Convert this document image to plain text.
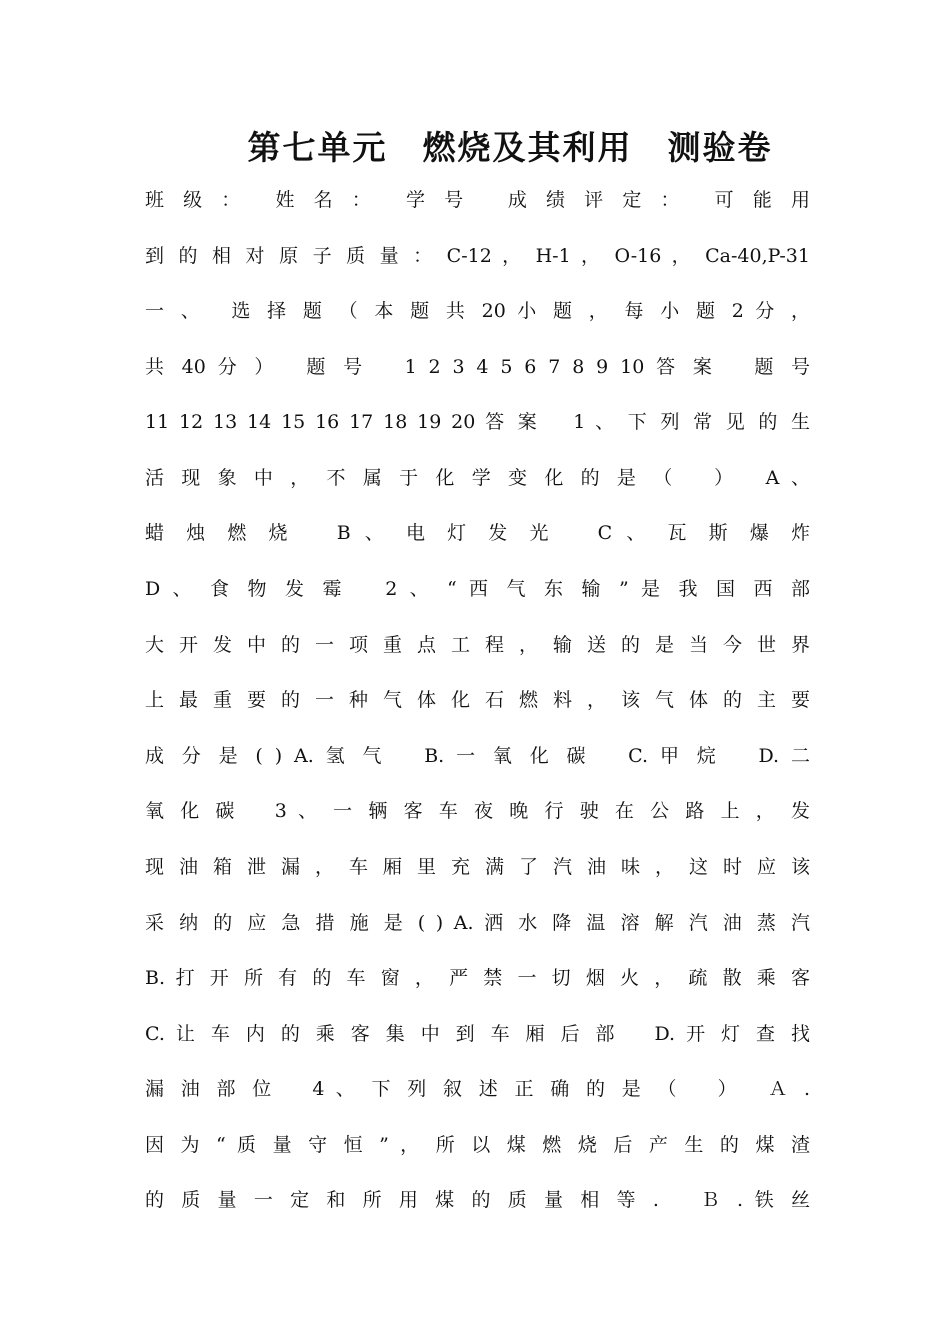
第七单元　燃烧及其利用　测验卷
班 级 ：　 姓 名 ：　 学 号　 成 绩 评 定 ：　 可 能 用
到 的 相 对 原 子 质 量 ： C-12 ， H-1 ， O-16 ， Ca-40,P-31
一 、　 选 择 题 （ 本 题 共 20 小 题 ， 每 小 题 2 分 ，
共 40 分 ）　 题 号　 1 2 3 4 5 6 7 8 9 10 答 案　 题 号
11 12 13 14 15 16 17 18 19 20 答 案　 1 、 下 列 常 见 的 生
活 现 象 中 ， 不 属 于 化 学 变 化 的 是 （　 ）　 A 、
蜡 烛 燃 烧　 B 、 电 灯 发 光　 C 、 瓦 斯 爆 炸 　
D 、 食 物 发 霉　 2 、 “ 西 气 东 输 ” 是 我 国 西 部
大 开 发 中 的 一 项 重 点 工 程 ， 输 送 的 是 当 今 世 界
上 最 重 要 的 一 种 气 体 化 石 燃 料 ， 该 气 体 的 主 要
成 分 是 ( ) A. 氢 气　 B. 一 氧 化 碳　 C. 甲 烷　 D. 二
氧 化 碳　 3 、 一 辆 客 车 夜 晚 行 驶 在 公 路 上 ， 发
现 油 箱 泄 漏 ， 车 厢 里 充 满 了 汽 油 味 ， 这 时 应 该
采 纳 的 应 急 措 施 是 ( ) A. 洒 水 降 温 溶 解 汽 油 蒸 汽
B. 打 开 所 有 的 车 窗 ， 严 禁 一 切 烟 火 ， 疏 散 乘 客
C. 让 车 内 的 乘 客 集 中 到 车 厢 后 部　 D. 开 灯 查 找
漏 油 部 位　 4 、 下 列 叙 述 正 确 的 是 （　 ）　 Ａ .
因 为 “ 质 量 守 恒 ” ， 所 以 煤 燃 烧 后 产 生 的 煤 渣
的 质 量 一 定 和 所 用 煤 的 质 量 相 等 .　 Ｂ . 铁 丝
